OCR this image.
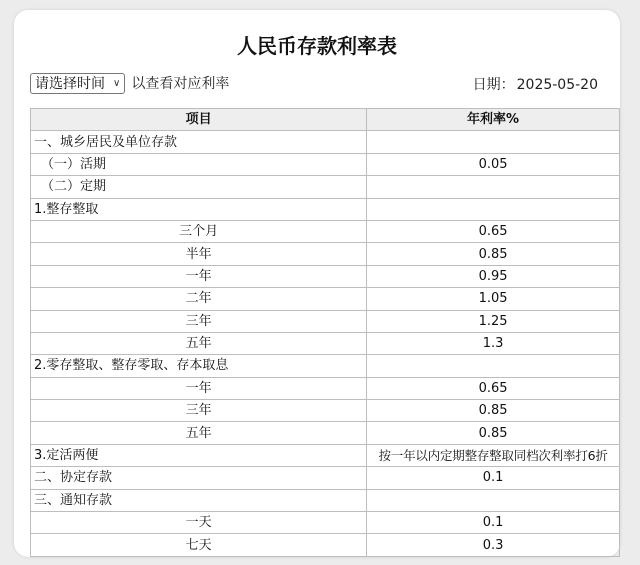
人民币存款利率表
请选择时间 ∨ 以查看对应利率	日期： 2025-05-20
项目	年利率%
一、城乡居民及单位存款	
（一）活期	0.05
（二）定期	
1.整存整取	
三个月	0.65
半年	0.85
一年	0.95
二年	1.05
三年	1.25
五年	1.3
2.零存整取、整存零取、存本取息	
一年	0.65
三年	0.85
五年	0.85
3.定活两便	按一年以内定期整存整取同档次利率打6折
二、协定存款	0.1
三、通知存款	
一天	0.1
七天	0.3
